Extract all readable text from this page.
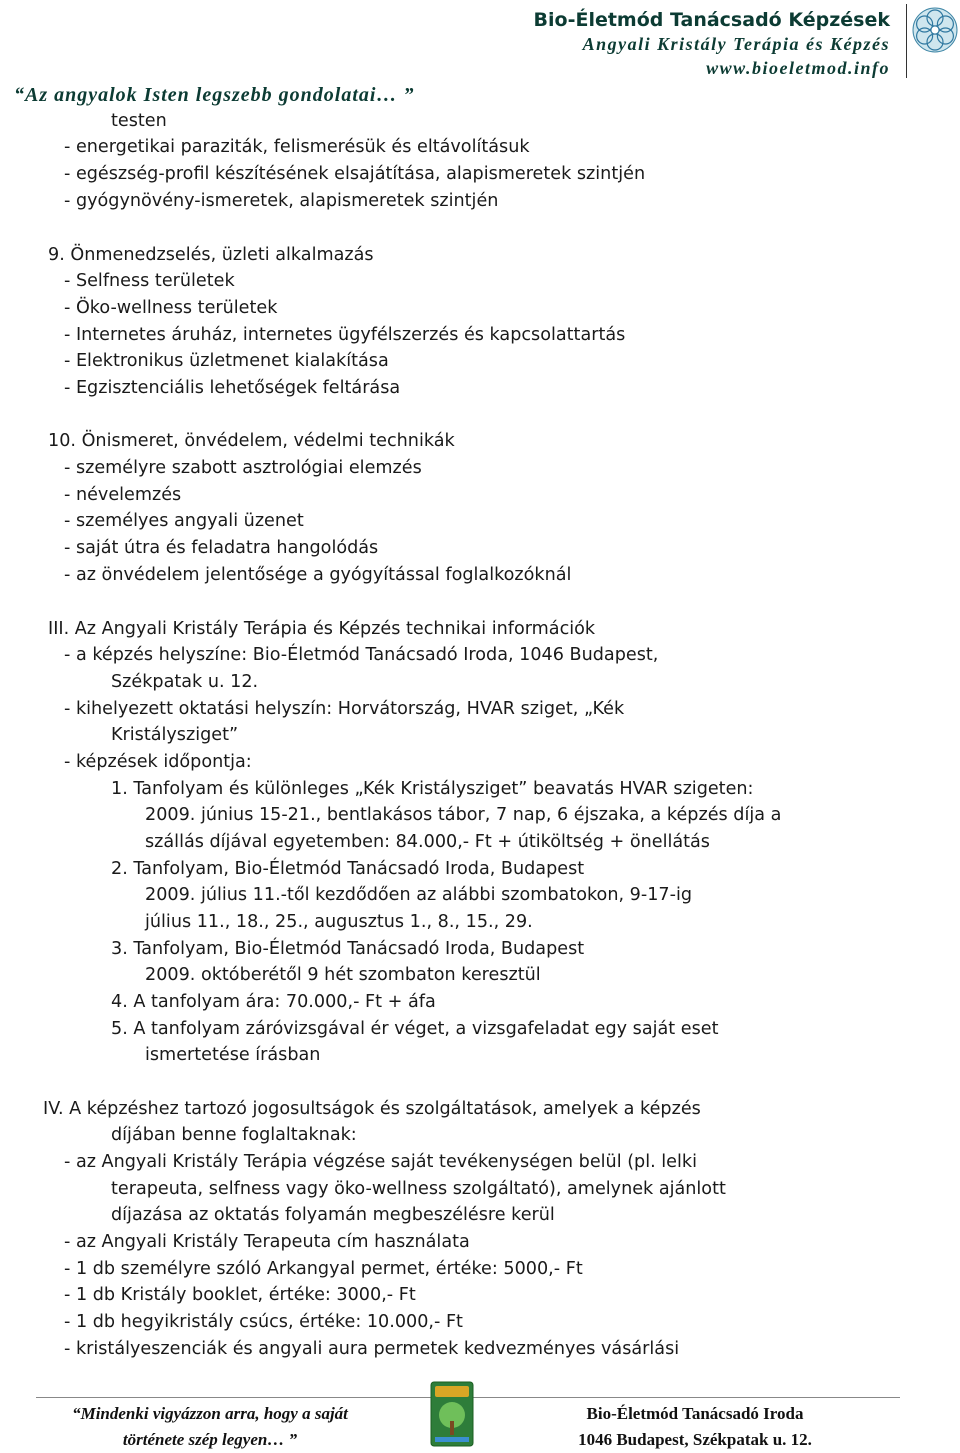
Bio-Életmód Tanácsadó Képzések
Angyali Kristály Terápia és Képzés
www.bioeletmod.info
“Az angyalok Isten legszebb gondolatai… ”
testen
- energetikai paraziták, felismerésük és eltávolításuk
- egészség-profil készítésének elsajátítása, alapismeretek szintjén
- gyógynövény-ismeretek, alapismeretek szintjén
9. Önmenedzselés, üzleti alkalmazás
- Selfness területek
- Öko-wellness területek
- Internetes áruház, internetes ügyfélszerzés és kapcsolattartás
- Elektronikus üzletmenet kialakítása
- Egzisztenciális lehetőségek feltárása
10. Önismeret, önvédelem, védelmi technikák
- személyre szabott asztrológiai elemzés
- névelemzés
- személyes angyali üzenet
- saját útra és feladatra hangolódás
- az önvédelem jelentősége a gyógyítással foglalkozóknál
III. Az Angyali Kristály Terápia és Képzés technikai információk
- a képzés helyszíne: Bio-Életmód Tanácsadó Iroda, 1046 Budapest,
Székpatak u. 12.
- kihelyezett oktatási helyszín: Horvátország, HVAR sziget, „Kék
Kristálysziget”
- képzések időpontja:
1. Tanfolyam és különleges „Kék Kristálysziget” beavatás HVAR szigeten:
2009. június 15-21., bentlakásos tábor, 7 nap, 6 éjszaka, a képzés díja a
szállás díjával egyetemben: 84.000,- Ft + útiköltség + önellátás
2. Tanfolyam, Bio-Életmód Tanácsadó Iroda, Budapest
2009. július 11.-től kezdődően az alábbi szombatokon, 9-17-ig
július 11., 18., 25., augusztus 1., 8., 15., 29.
3. Tanfolyam, Bio-Életmód Tanácsadó Iroda, Budapest
2009. októberétől 9 hét szombaton keresztül
4. A tanfolyam ára: 70.000,- Ft + áfa
5. A tanfolyam záróvizsgával ér véget, a vizsgafeladat egy saját eset
ismertetése írásban
IV. A képzéshez tartozó jogosultságok és szolgáltatások, amelyek a képzés
díjában benne foglaltaknak:
- az Angyali Kristály Terápia végzése saját tevékenységen belül (pl. lelki
terapeuta, selfness vagy öko-wellness szolgáltató), amelynek ajánlott
díjazása az oktatás folyamán megbeszélésre kerül
- az Angyali Kristály Terapeuta cím használata
- 1 db személyre szóló Arkangyal permet, értéke: 5000,- Ft
- 1 db Kristály booklet, értéke: 3000,- Ft
- 1 db hegyikristály csúcs, értéke: 10.000,- Ft
- kristályeszenciák és angyali aura permetek kedvezményes vásárlási
“Mindenki vigyázzon arra, hogy a saját
története szép legyen… ”
Bio-Életmód Tanácsadó Iroda
1046 Budapest, Székpatak u. 12.
